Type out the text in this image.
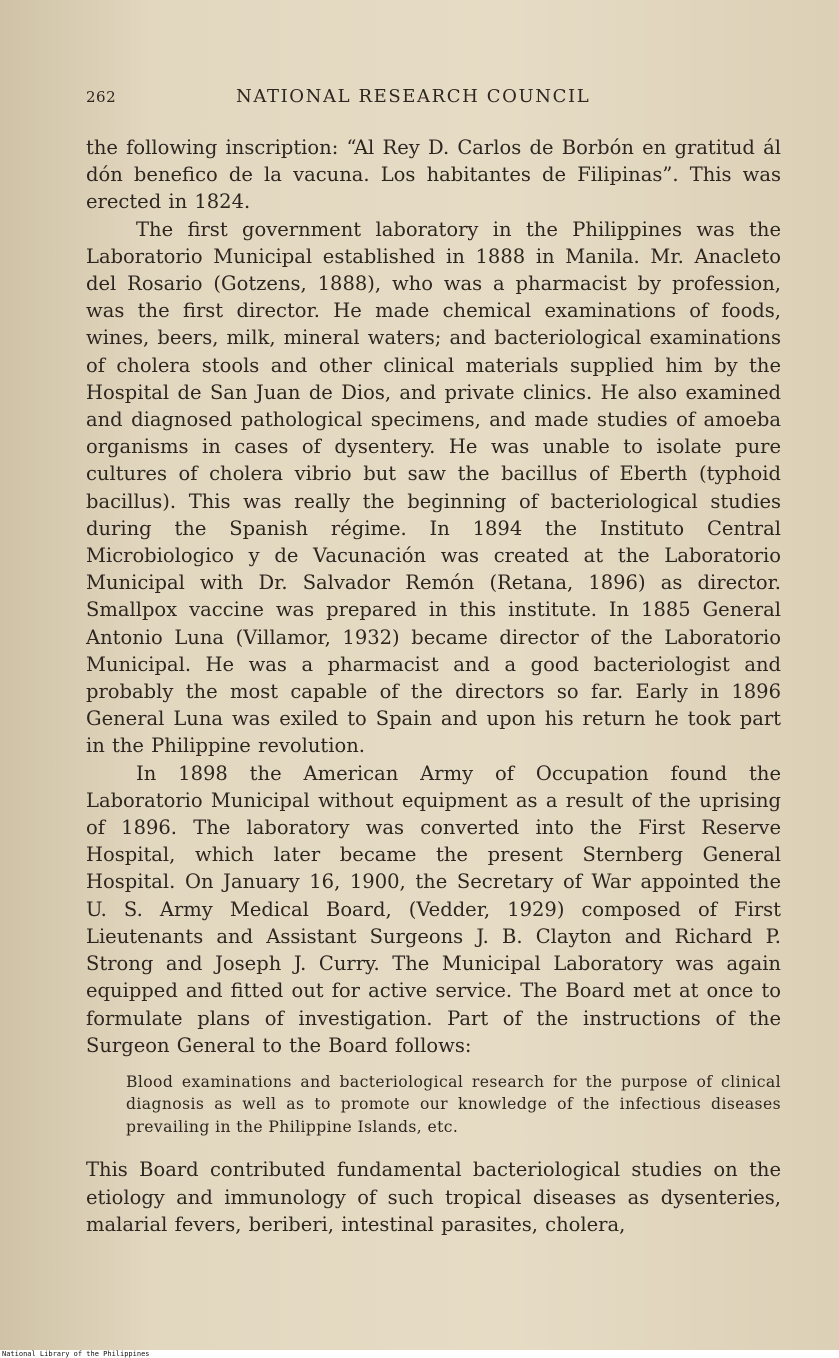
262	NATIONAL RESEARCH COUNCIL

the following inscription: “Al Rey D. Carlos de Borbón en gratitud ál dón benefico de la vacuna. Los habitantes de Filipinas”. This was erected in 1824.

The first government laboratory in the Philippines was the Laboratorio Municipal established in 1888 in Manila. Mr. Anacleto del Rosario (Gotzens, 1888), who was a pharmacist by profession, was the first director. He made chemical examinations of foods, wines, beers, milk, mineral waters; and bacteriological examinations of cholera stools and other clinical materials supplied him by the Hospital de San Juan de Dios, and private clinics. He also examined and diagnosed pathological specimens, and made studies of amoeba organisms in cases of dysentery. He was unable to isolate pure cultures of cholera vibrio but saw the bacillus of Eberth (typhoid bacillus). This was really the beginning of bacteriological studies during the Spanish régime. In 1894 the Instituto Central Microbiologico y de Vacunación was created at the Laboratorio Municipal with Dr. Salvador Remón (Retana, 1896) as director. Smallpox vaccine was prepared in this institute. In 1885 General Antonio Luna (Villamor, 1932) became director of the Laboratorio Municipal. He was a pharmacist and a good bacteriologist and probably the most capable of the directors so far. Early in 1896 General Luna was exiled to Spain and upon his return he took part in the Philippine revolution.

In 1898 the American Army of Occupation found the Laboratorio Municipal without equipment as a result of the uprising of 1896. The laboratory was converted into the First Reserve Hospital, which later became the present Sternberg General Hospital. On January 16, 1900, the Secretary of War appointed the U. S. Army Medical Board, (Vedder, 1929) composed of First Lieutenants and Assistant Surgeons J. B. Clayton and Richard P. Strong and Joseph J. Curry. The Municipal Laboratory was again equipped and fitted out for active service. The Board met at once to formulate plans of investigation. Part of the instructions of the Surgeon General to the Board follows:

Blood examinations and bacteriological research for the purpose of clinical diagnosis as well as to promote our knowledge of the infectious diseases prevailing in the Philippine Islands, etc.

This Board contributed fundamental bacteriological studies on the etiology and immunology of such tropical diseases as dysenteries, malarial fevers, beriberi, intestinal parasites, cholera,

National Library of the Philippines
